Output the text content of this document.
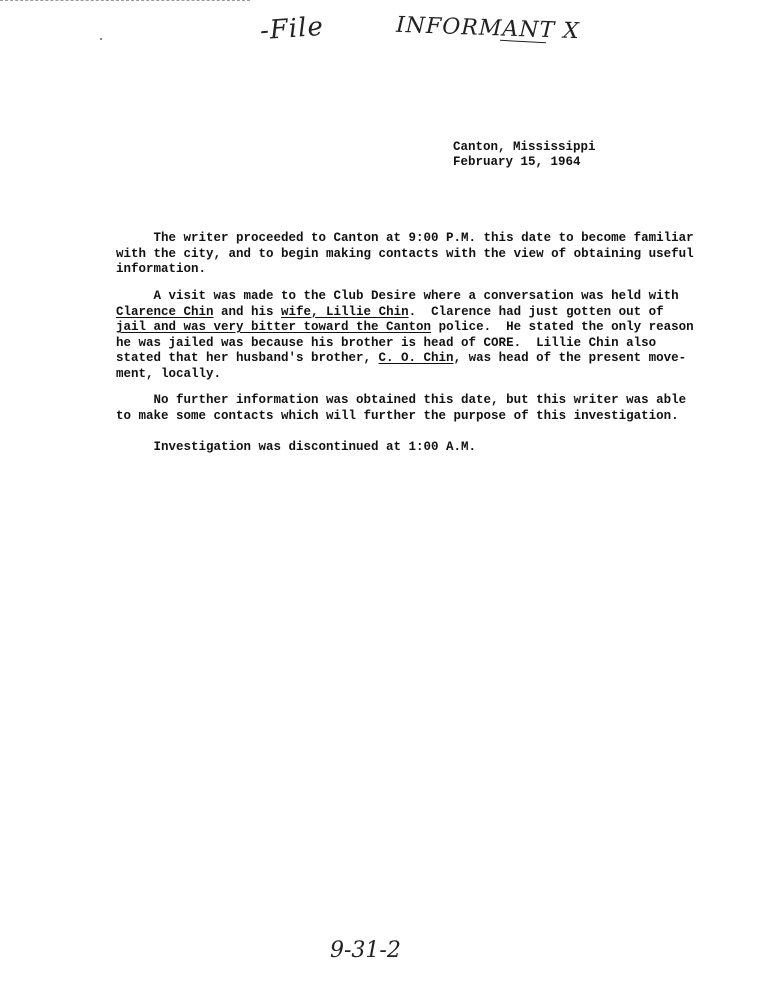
-File	INFORMANT X
Canton, Mississippi
February 15, 1964
The writer proceeded to Canton at 9:00 P.M. this date to become familiar
with the city, and to begin making contacts with the view of obtaining useful
information.
A visit was made to the Club Desire where a conversation was held with
Clarence Chin and his wife, Lillie Chin.  Clarence had just gotten out of
jail and was very bitter toward the Canton police.  He stated the only reason
he was jailed was because his brother is head of CORE.  Lillie Chin also
stated that her husband's brother, C. O. Chin, was head of the present move-
ment, locally.
No further information was obtained this date, but this writer was able
to make some contacts which will further the purpose of this investigation.
Investigation was discontinued at 1:00 A.M.
9-31-2
